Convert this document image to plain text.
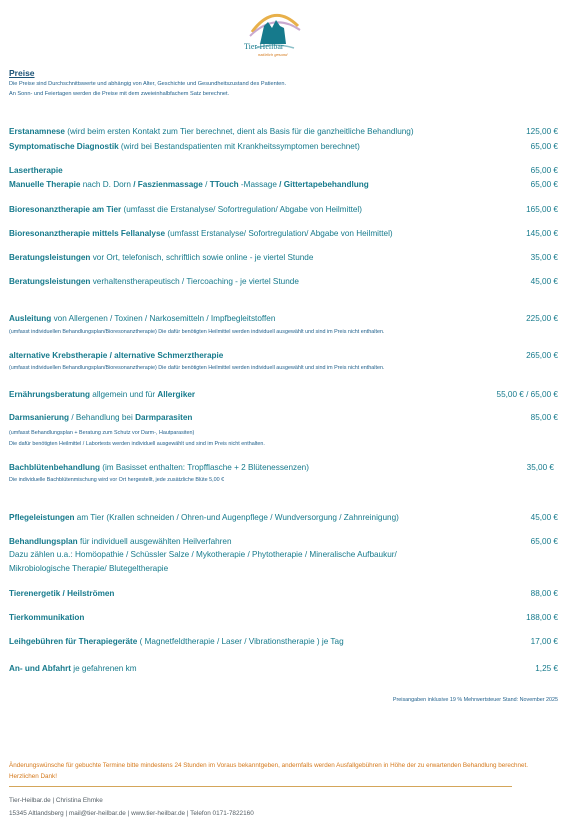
Tier-Heilbar
natürlich gesund
Preise
Die Preise sind Durchschnittswerte und abhängig von Alter, Geschichte und Gesundheitszustand des Patienten.
An Sonn- und Feiertagen werden die Preise mit dem zweieinhalbfachem Satz berechnet.
Erstanamnese (wird beim ersten Kontakt zum Tier berechnet, dient als Basis für die ganzheitliche Behandlung)	125,00 €
Symptomatische Diagnostik (wird bei Bestandspatienten mit Krankheitssymptomen berechnet)	65,00 €
Lasertherapie	65,00 €
Manuelle Therapie nach D. Dorn / Faszienmassage / TTouch -Massage / Gittertapebehandlung	65,00 €
Bioresonanztherapie am Tier (umfasst die Erstanalyse/ Sofortregulation/ Abgabe von Heilmittel)	165,00 €
Bioresonanztherapie mittels Fellanalyse (umfasst Erstanalyse/ Sofortregulation/ Abgabe von Heilmittel)	145,00 €
Beratungsleistungen vor Ort, telefonisch, schriftlich sowie online - je viertel Stunde	35,00 €
Beratungsleistungen verhaltenstherapeutisch / Tiercoaching - je viertel Stunde	45,00 €
Ausleitung von Allergenen / Toxinen / Narkosemitteln / Impfbegleitstoffen	225,00 €
(umfasst individuellen Behandlungsplan/Bioresonanztherapie) Die dafür benötigten Heilmittel werden individuell ausgewählt und sind im Preis nicht enthalten.
alternative Krebstherapie / alternative Schmerztherapie	265,00 €
(umfasst individuellen Behandlungsplan/Bioresonanztherapie) Die dafür benötigten Heilmittel werden individuell ausgewählt und sind im Preis nicht enthalten.
Ernährungsberatung allgemein und für Allergiker	55,00 € / 65,00 €
Darmsanierung / Behandlung bei Darmparasiten	85,00 €
(umfasst Behandlungsplan + Beratung zum Schutz vor Darm-, Hautparasiten)
Die dafür benötigten Heilmittel / Labortests werden individuell ausgewählt und sind im Preis nicht enthalten.
Bachblütenbehandlung (im Basisset enthalten: Tropfflasche + 2 Blütenessenzen)	35,00 €
Die individuelle Bachblütenmischung wird vor Ort hergestellt, jede zusätzliche Blüte 5,00 €
Pflegeleistungen am Tier (Krallen schneiden / Ohren-und Augenpflege / Wundversorgung / Zahnreinigung)	45,00 €
Behandlungsplan für individuell ausgewählten Heilverfahren	65,00 €
Dazu zählen u.a.: Homöopathie / Schüssler Salze / Mykotherapie / Phytotherapie / Mineralische Aufbaukur/
Mikrobiologische Therapie/ Blutegeltherapie
Tierenergetik / Heilströmen	88,00 €
Tierkommunikation	188,00 €
Leihgebühren für Therapiegeräte ( Magnetfeldtherapie / Laser / Vibrationstherapie ) je Tag	17,00 €
An- und Abfahrt je gefahrenen km	1,25 €
Preisangaben inklusive 19 % Mehrwertsteuer Stand: November 2025
Änderungswünsche für gebuchte Termine bitte mindestens 24 Stunden im Voraus bekanntgeben, andernfalls werden Ausfallgebühren in Höhe der zu erwartenden Behandlung berechnet. Herzlichen Dank!
Tier-Heilbar.de | Christina Ehmke
15345 Altlandsberg | mail@tier-heilbar.de | www.tier-heilbar.de | Telefon 0171-7822160
